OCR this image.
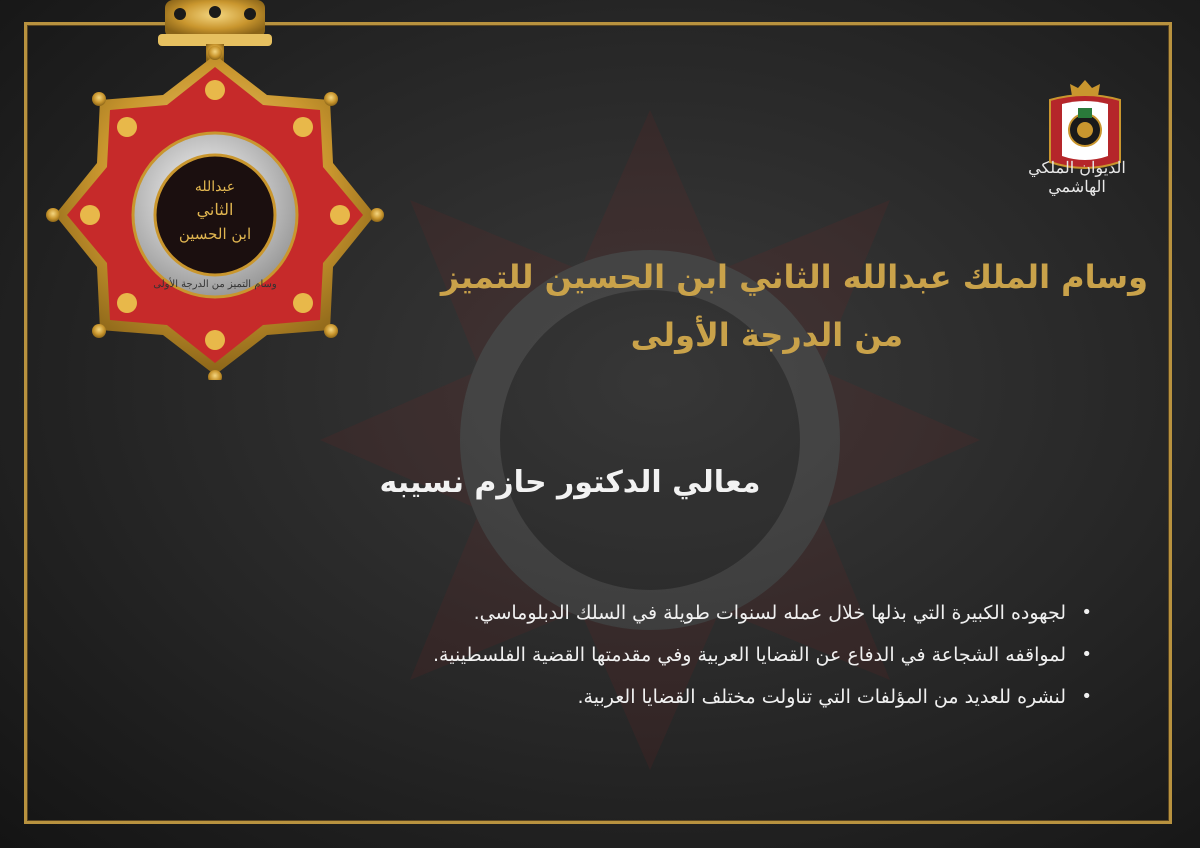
عبدالله
الثاني
ابن الحسين
وسام التميز من الدرجة الأولى
الديوان الملكي الهاشمي
وسام الملك عبدالله الثاني ابن الحسين للتميز
من الدرجة الأولى
معالي الدكتور حازم نسيبه
• لجهوده الكبيرة التي بذلها خلال عمله لسنوات طويلة في السلك الدبلوماسي.
• لمواقفه الشجاعة في الدفاع عن القضايا العربية وفي مقدمتها القضية الفلسطينية.
• لنشره للعديد من المؤلفات التي تناولت مختلف القضايا العربية.
